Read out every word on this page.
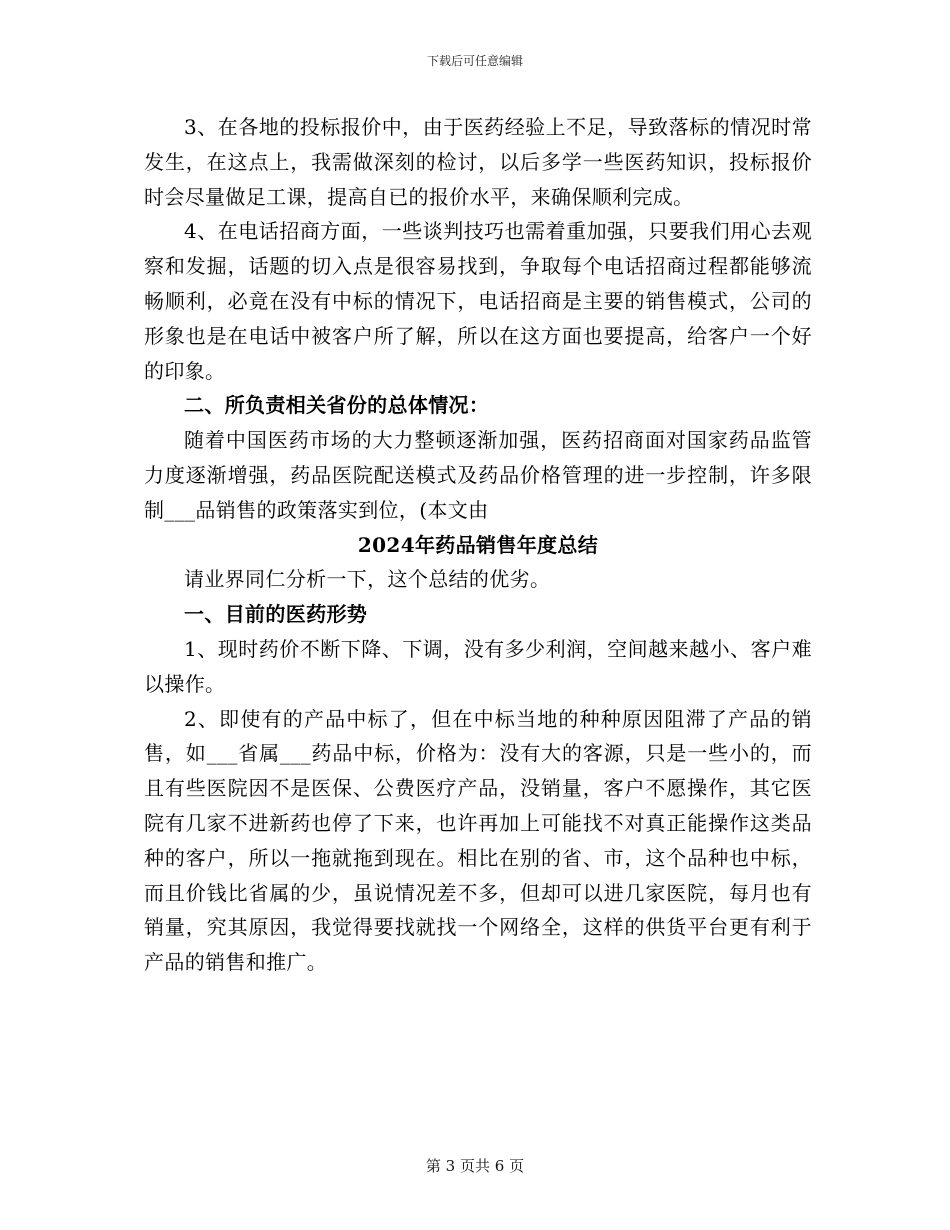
下载后可任意编辑

3、在各地的投标报价中，由于医药经验上不足，导致落标的情况时常发生，在这点上，我需做深刻的检讨，以后多学一些医药知识，投标报价时会尽量做足工课，提高自已的报价水平，来确保顺利完成。

4、在电话招商方面，一些谈判技巧也需着重加强，只要我们用心去观察和发掘，话题的切入点是很容易找到，争取每个电话招商过程都能够流畅顺利，必竟在没有中标的情况下，电话招商是主要的销售模式，公司的形象也是在电话中被客户所了解，所以在这方面也要提高，给客户一个好的印象。

二、所负责相关省份的总体情况：

随着中国医药市场的大力整顿逐渐加强，医药招商面对国家药品监管力度逐渐增强，药品医院配送模式及药品价格管理的进一步控制，许多限制___品销售的政策落实到位，(本文由

2024年药品销售年度总结

请业界同仁分析一下，这个总结的优劣。

一、目前的医药形势

1、现时药价不断下降、下调，没有多少利润，空间越来越小、客户难以操作。

2、即使有的产品中标了，但在中标当地的种种原因阻滞了产品的销售，如___省属___药品中标，价格为：没有大的客源，只是一些小的，而且有些医院因不是医保、公费医疗产品，没销量，客户不愿操作，其它医院有几家不进新药也停了下来，也许再加上可能找不对真正能操作这类品种的客户，所以一拖就拖到现在。相比在别的省、市，这个品种也中标，而且价钱比省属的少，虽说情况差不多，但却可以进几家医院，每月也有销量，究其原因，我觉得要找就找一个网络全，这样的供货平台更有利于产品的销售和推广。

第 3 页共 6 页
